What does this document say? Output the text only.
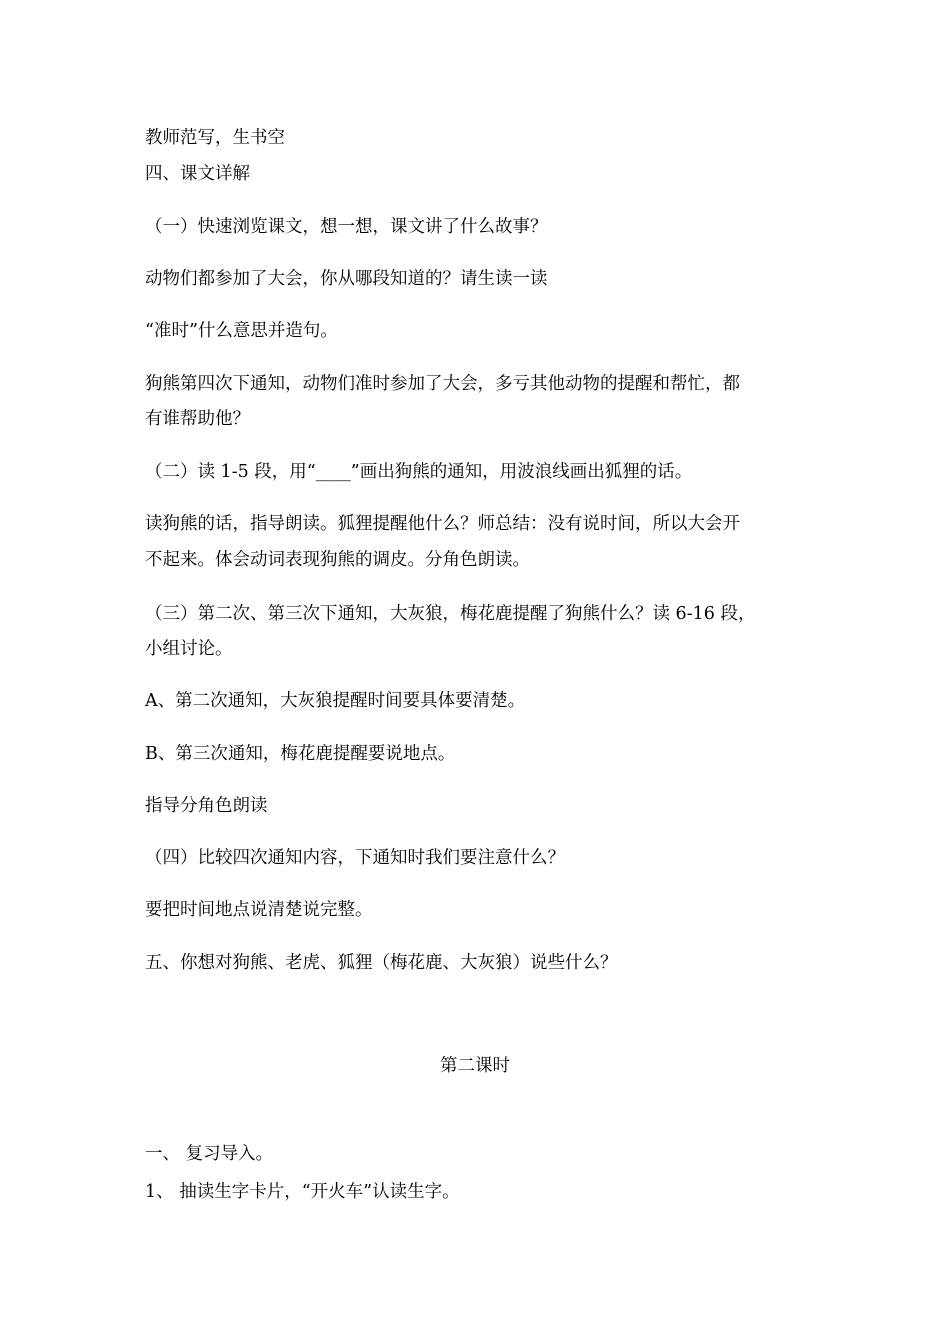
教师范写，生书空
四、课文详解
（一）快速浏览课文，想一想，课文讲了什么故事？
动物们都参加了大会，你从哪段知道的？请生读一读
“准时”什么意思并造句。
狗熊第四次下通知，动物们准时参加了大会，多亏其他动物的提醒和帮忙，都
有谁帮助他？
（二）读 1-5 段，用“____”画出狗熊的通知，用波浪线画出狐狸的话。
读狗熊的话，指导朗读。狐狸提醒他什么？师总结：没有说时间，所以大会开
不起来。体会动词表现狗熊的调皮。分角色朗读。
（三）第二次、第三次下通知，大灰狼，梅花鹿提醒了狗熊什么？读 6-16 段，
小组讨论。
A、第二次通知，大灰狼提醒时间要具体要清楚。
B、第三次通知，梅花鹿提醒要说地点。
指导分角色朗读
（四）比较四次通知内容，下通知时我们要注意什么？
要把时间地点说清楚说完整。
五、你想对狗熊、老虎、狐狸（梅花鹿、大灰狼）说些什么？
第二课时
一、 复习导入。
1、 抽读生字卡片，“开火车”认读生字。
